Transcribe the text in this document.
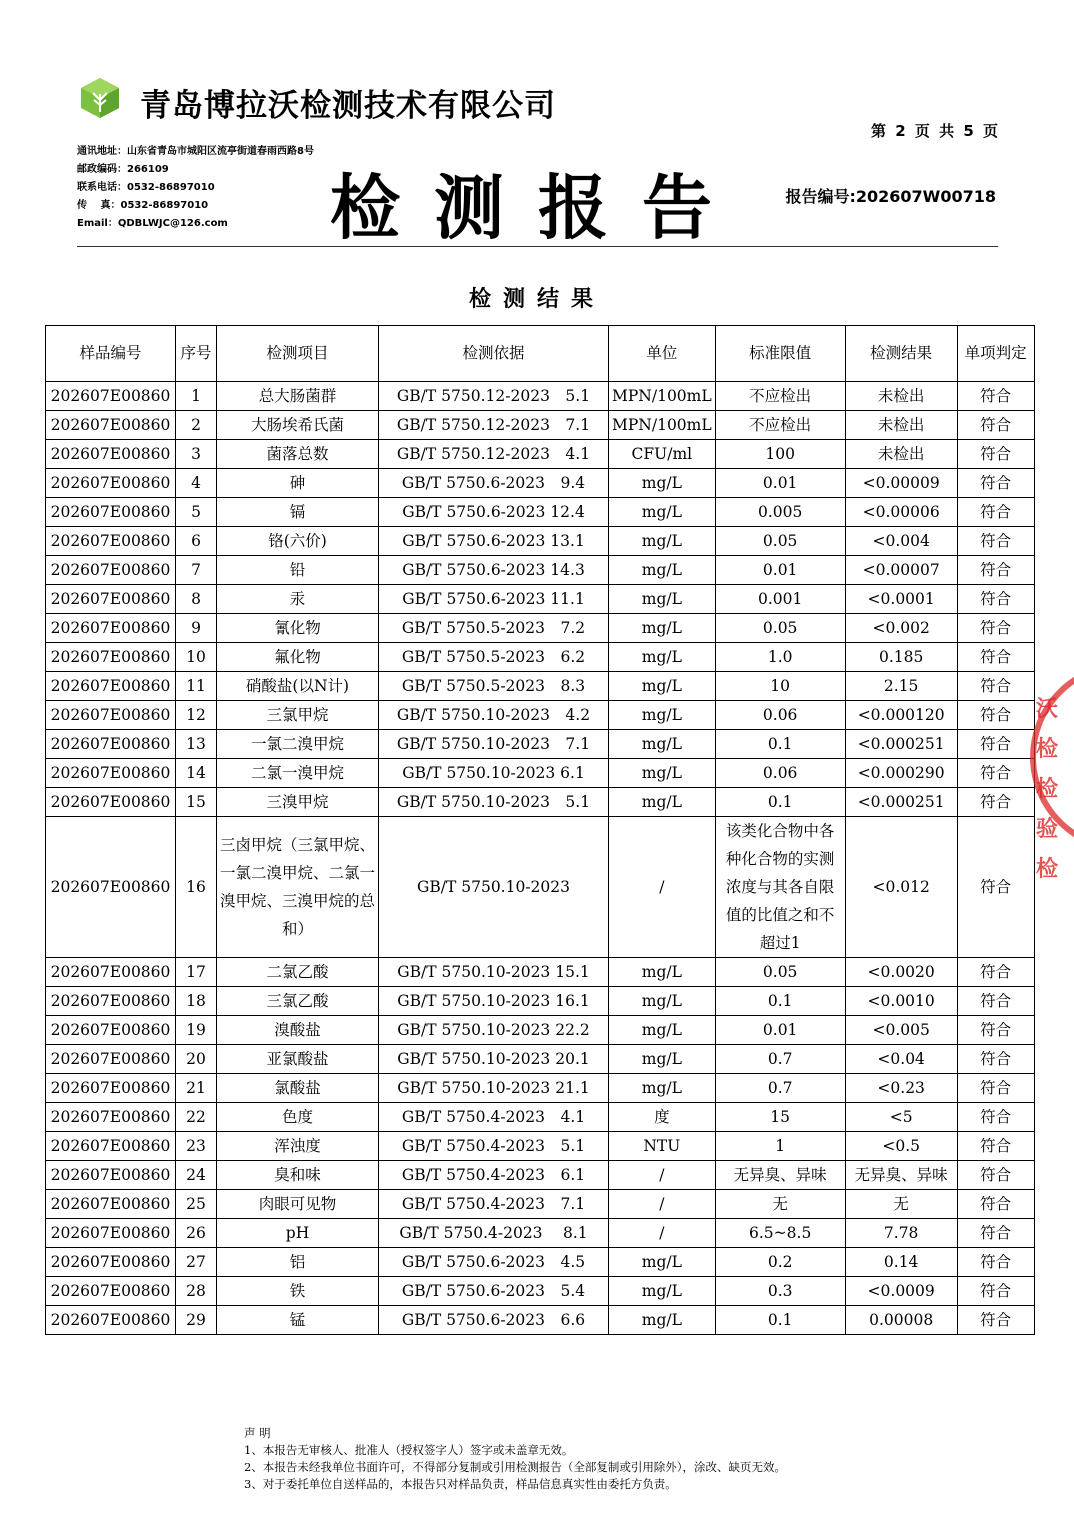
青岛博拉沃检测技术有限公司
第 2 页 共 5 页
通讯地址：山东省青岛市城阳区流亭街道春雨西路8号
邮政编码：266109
联系电话：0532-86897010
传　 真：0532-86897010
Email：QDBLWJC@126.com	检测报告 报告编号:202607W00718
检测结果
样品编号	序号	检测项目	检测依据	单位	标准限值	检测结果	单项判定
202607E00860	1	总大肠菌群	GB/T 5750.12-2023　5.1	MPN/100mL	不应检出	未检出	符合
202607E00860	2	大肠埃希氏菌	GB/T 5750.12-2023　7.1	MPN/100mL	不应检出	未检出	符合
202607E00860	3	菌落总数	GB/T 5750.12-2023　4.1	CFU/ml	100	未检出	符合
202607E00860	4	砷	GB/T 5750.6-2023　9.4	mg/L	0.01	<0.00009	符合
202607E00860	5	镉	GB/T 5750.6-2023 12.4	mg/L	0.005	<0.00006	符合
202607E00860	6	铬(六价)	GB/T 5750.6-2023 13.1	mg/L	0.05	<0.004	符合
202607E00860	7	铅	GB/T 5750.6-2023 14.3	mg/L	0.01	<0.00007	符合
202607E00860	8	汞	GB/T 5750.6-2023 11.1	mg/L	0.001	<0.0001	符合
202607E00860	9	氰化物	GB/T 5750.5-2023　7.2	mg/L	0.05	<0.002	符合
202607E00860	10	氟化物	GB/T 5750.5-2023　6.2	mg/L	1.0	0.185	符合
202607E00860	11	硝酸盐(以N计)	GB/T 5750.5-2023　8.3	mg/L	10	2.15	符合
202607E00860	12	三氯甲烷	GB/T 5750.10-2023　4.2	mg/L	0.06	<0.000120	符合
202607E00860	13	一氯二溴甲烷	GB/T 5750.10-2023　7.1	mg/L	0.1	<0.000251	符合
202607E00860	14	二氯一溴甲烷	GB/T 5750.10-2023 6.1	mg/L	0.06	<0.000290	符合
202607E00860	15	三溴甲烷	GB/T 5750.10-2023　5.1	mg/L	0.1	<0.000251	符合
202607E00860	16	三卤甲烷（三氯甲烷、一氯二溴甲烷、二氯一溴甲烷、三溴甲烷的总和）	GB/T 5750.10-2023	/	该类化合物中各种化合物的实测浓度与其各自限值的比值之和不超过1	<0.012	符合
202607E00860	17	二氯乙酸	GB/T 5750.10-2023 15.1	mg/L	0.05	<0.0020	符合
202607E00860	18	三氯乙酸	GB/T 5750.10-2023 16.1	mg/L	0.1	<0.0010	符合
202607E00860	19	溴酸盐	GB/T 5750.10-2023 22.2	mg/L	0.01	<0.005	符合
202607E00860	20	亚氯酸盐	GB/T 5750.10-2023 20.1	mg/L	0.7	<0.04	符合
202607E00860	21	氯酸盐	GB/T 5750.10-2023 21.1	mg/L	0.7	<0.23	符合
202607E00860	22	色度	GB/T 5750.4-2023　4.1	度	15	<5	符合
202607E00860	23	浑浊度	GB/T 5750.4-2023　5.1	NTU	1	<0.5	符合
202607E00860	24	臭和味	GB/T 5750.4-2023　6.1	/	无异臭、异味	无异臭、异味	符合
202607E00860	25	肉眼可见物	GB/T 5750.4-2023　7.1	/	无	无	符合
202607E00860	26	pH	GB/T 5750.4-2023　 8.1	/	6.5~8.5	7.78	符合
202607E00860	27	铝	GB/T 5750.6-2023　4.5	mg/L	0.2	0.14	符合
202607E00860	28	铁	GB/T 5750.6-2023　5.4	mg/L	0.3	<0.0009	符合
202607E00860	29	锰	GB/T 5750.6-2023　6.6	mg/L	0.1	0.00008	符合
沃检
检验检
声 明
1、本报告无审核人、批准人（授权签字人）签字或未盖章无效。
2、本报告未经我单位书面许可，不得部分复制或引用检测报告（全部复制或引用除外），涂改、缺页无效。
3、对于委托单位自送样品的，本报告只对样品负责，样品信息真实性由委托方负责。
